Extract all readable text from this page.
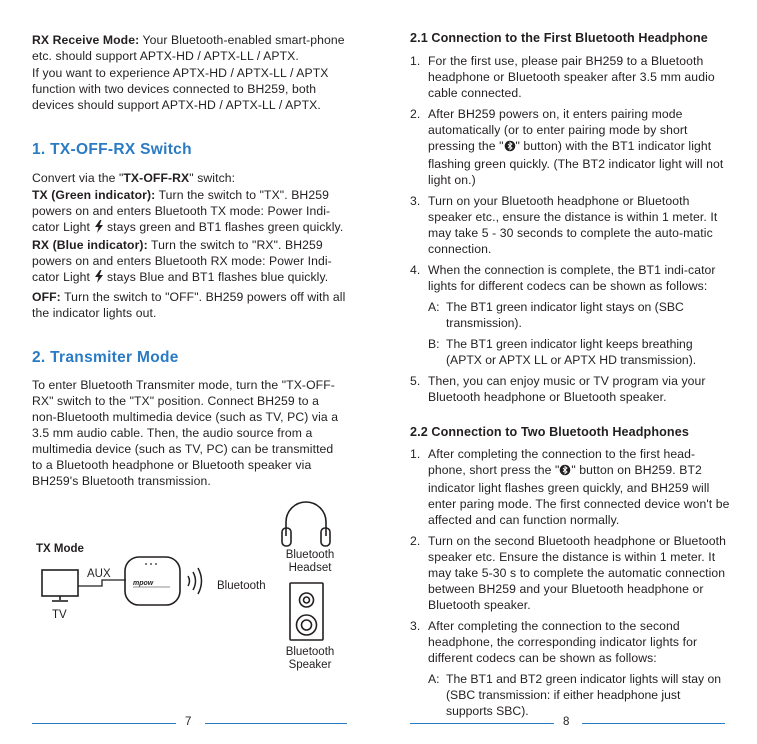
RX Receive Mode: Your Bluetooth-enabled smart-phone etc. should support APTX-HD / APTX-LL / APTX.

If you want to experience APTX-HD / APTX-LL / APTX function with two devices connected to BH259, both devices should support APTX-HD / APTX-LL / APTX.

1. TX-OFF-RX Switch

Convert via the "TX-OFF-RX" switch:

TX (Green indicator): Turn the switch to "TX". BH259 powers on and enters Bluetooth TX mode: Power Indi-cator Light  stays green and BT1 flashes green quickly.

RX (Blue indicator): Turn the switch to "RX". BH259 powers on and enters Bluetooth RX mode: Power Indi-cator Light  stays Blue and BT1 flashes blue quickly.

OFF: Turn the switch to "OFF". BH259 powers off with all the indicator lights out.

2. Transmiter Mode

To enter Bluetooth Transmiter mode, turn the "TX-OFF-RX" switch to the "TX" position. Connect BH259 to a non-Bluetooth multimedia device (such as TV, PC) via a 3.5 mm audio cable. Then, the audio source from a multimedia device (such as TV, PC) can be transmitted to a Bluetooth headphone or Bluetooth speaker via BH259's Bluetooth transmission.

TX Mode
mpow
AUX
TV
Bluetooth
Bluetooth
Headset
Bluetooth
Speaker
7
2.1 Connection to the First Bluetooth Headphone
1. For the first use, please pair BH259 to a Bluetooth headphone or Bluetooth speaker after 3.5 mm audio cable connected.
2. After BH259 powers on, it enters pairing mode automatically (or to enter pairing mode by short pressing the " " button) with the BT1 indicator light flashing green quickly. (The BT2 indicator light will not light on.)
3. Turn on your Bluetooth headphone or Bluetooth speaker etc., ensure the distance is within 1 meter. It may take 5 - 30 seconds to complete the auto-matic connection.
4. When the connection is complete, the BT1 indi-cator lights for different codecs can be shown as follows:
A: The BT1 green indicator light stays on (SBC transmission).
B: The BT1 green indicator light keeps breathing (APTX or APTX LL or APTX HD transmission).
5. Then, you can enjoy music or TV program via your Bluetooth headphone or Bluetooth speaker.
2.2 Connection to Two Bluetooth Headphones
1. After completing the connection to the first head-phone, short press the " " button on BH259. BT2 indicator light flashes green quickly, and BH259 will enter paring mode. The first connected device won't be affected and can function normally.
2. Turn on the second Bluetooth headphone or Bluetooth speaker etc. Ensure the distance is within 1 meter. It may take 5-30 s to complete the automatic connection between BH259 and your Bluetooth headphone or Bluetooth speaker.
3. After completing the connection to the second headphone, the corresponding indicator lights for different codecs can be shown as follows:
A: The BT1 and BT2 green indicator lights will stay on (SBC transmission: if either headphone just supports SBC).
8
